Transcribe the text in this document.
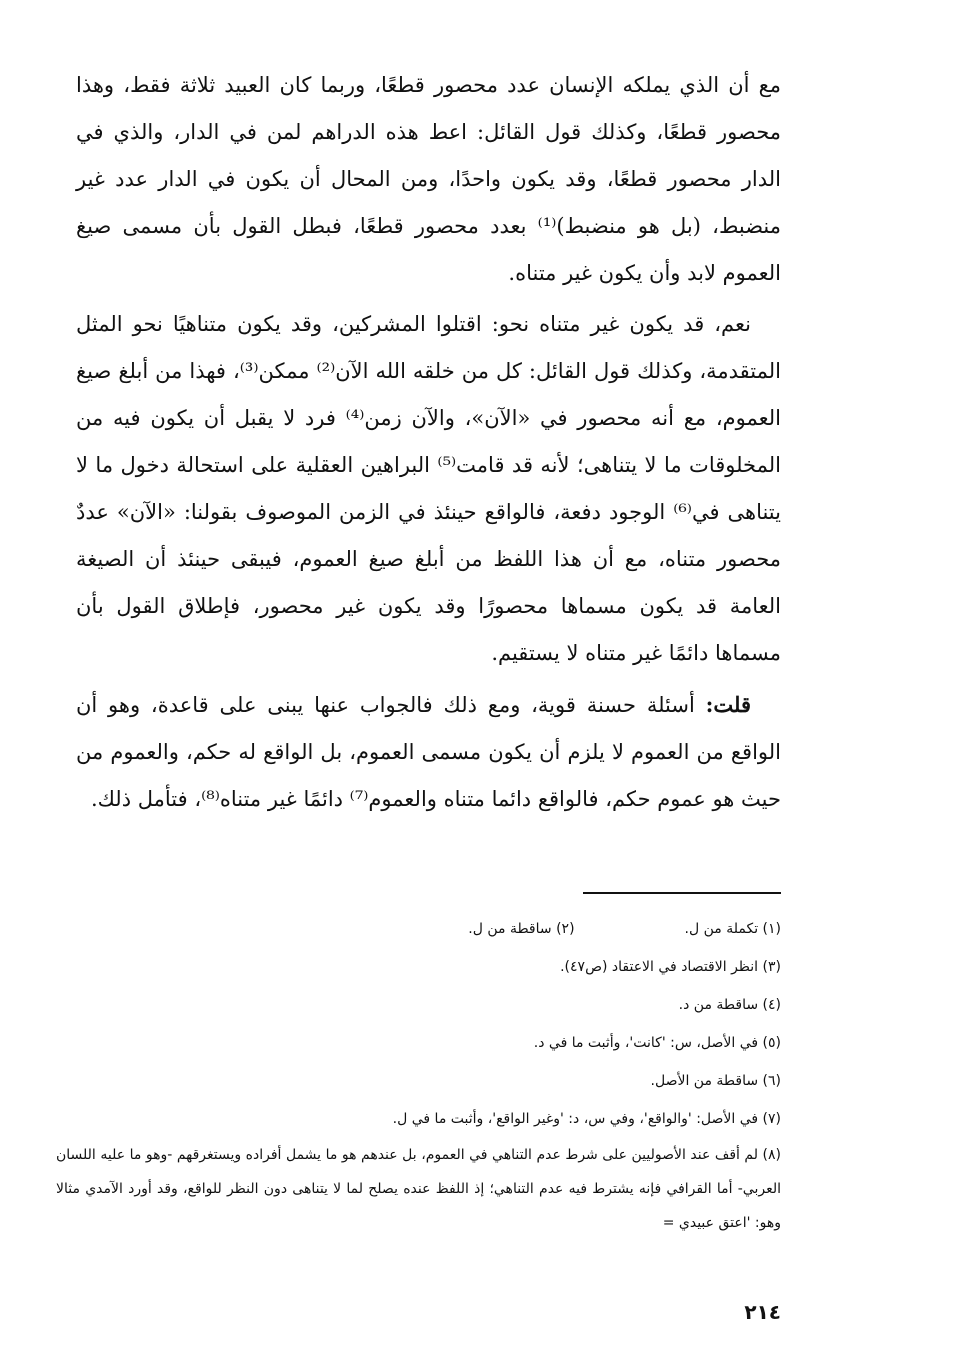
مع أن الذي يملكه الإنسان عدد محصور قطعًا، وربما كان العبيد ثلاثة فقط، وهذا محصور قطعًا، وكذلك قول القائل: اعط هذه الدراهم لمن في الدار، والذي في الدار محصور قطعًا، وقد يكون واحدًا، ومن المحال أن يكون في الدار عدد غير منضبط، (بل هو منضبط)⁽¹⁾ بعدد محصور قطعًا، فبطل القول بأن مسمى صيغ العموم لابد وأن يكون غير متناه.

نعم، قد يكون غير متناه نحو: اقتلوا المشركين، وقد يكون متناهيًا نحو المثل المتقدمة، وكذلك قول القائل: كل من خلقه الله الآن⁽²⁾ ممكن⁽³⁾، فهذا من أبلغ صيغ العموم، مع أنه محصور في «الآن»، والآن زمن⁽⁴⁾ فرد لا يقبل أن يكون فيه من المخلوقات ما لا يتناهى؛ لأنه قد قامت⁽⁵⁾ البراهين العقلية على استحالة دخول ما لا يتناهى في⁽⁶⁾ الوجود دفعة، فالواقع حينئذ في الزمن الموصوف بقولنا: «الآن» عددٌ محصور متناه، مع أن هذا اللفظ من أبلغ صيغ العموم، فيبقى حينئذ أن الصيغة العامة قد يكون مسماها محصورًا وقد يكون غير محصور، فإطلاق القول بأن مسماها دائمًا غير متناه لا يستقيم.

قلت: أسئلة حسنة قوية، ومع ذلك فالجواب عنها يبنى على قاعدة، وهو أن الواقع من العموم لا يلزم أن يكون مسمى العموم، بل الواقع له حكم، والعموم من حيث هو عموم حكم، فالواقع دائما متناه والعموم⁽⁷⁾ دائمًا غير متناه⁽⁸⁾، فتأمل ذلك.

(١) تكملة من ل.

(٢) ساقطة من ل.

(٣) انظر الاقتصاد في الاعتقاد (ص٤٧).

(٤) ساقطة من د.

(٥) في الأصل، س: 'كانت'، وأثبت ما في د.

(٦) ساقطة من الأصل.

(٧) في الأصل: 'والواقع'، وفي س، د: 'وغير الواقع'، وأثبت ما في ل.

(٨) لم أقف عند الأصوليين على شرط عدم التناهي في العموم، بل عندهم هو ما يشمل أفراده ويستغرقهم -وهو ما عليه اللسان العربي- أما القرافي فإنه يشترط فيه عدم التناهي؛ إذ اللفظ عنده يصلح لما لا يتناهى دون النظر للواقع، وقد أورد الآمدي مثالا وهو: 'اعتق عبيدي =

٢١٤
